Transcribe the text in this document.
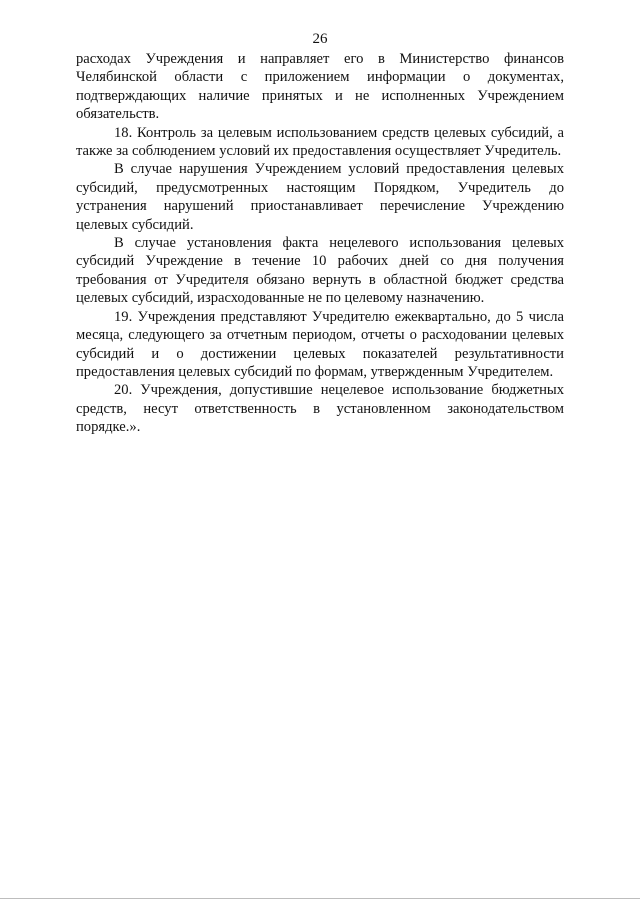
26

расходах Учреждения и направляет его в Министерство финансов Челябинской области с приложением информации о документах, подтверждающих наличие принятых и не исполненных Учреждением обязательств.

18. Контроль за целевым использованием средств целевых субсидий, а также за соблюдением условий их предоставления осуществляет Учредитель.

В случае нарушения Учреждением условий предоставления целевых субсидий, предусмотренных настоящим Порядком, Учредитель до устранения нарушений приостанавливает перечисление Учреждению целевых субсидий.

В случае установления факта нецелевого использования целевых субсидий Учреждение в течение 10 рабочих дней со дня получения требования от Учредителя обязано вернуть в областной бюджет средства целевых субсидий, израсходованные не по целевому назначению.

19. Учреждения представляют Учредителю ежеквартально, до 5 числа месяца, следующего за отчетным периодом, отчеты о расходовании целевых субсидий и о достижении целевых показателей результативности предоставления целевых субсидий по формам, утвержденным Учредителем.

20. Учреждения, допустившие нецелевое использование бюджетных средств, несут ответственность в установленном законодательством порядке.».
